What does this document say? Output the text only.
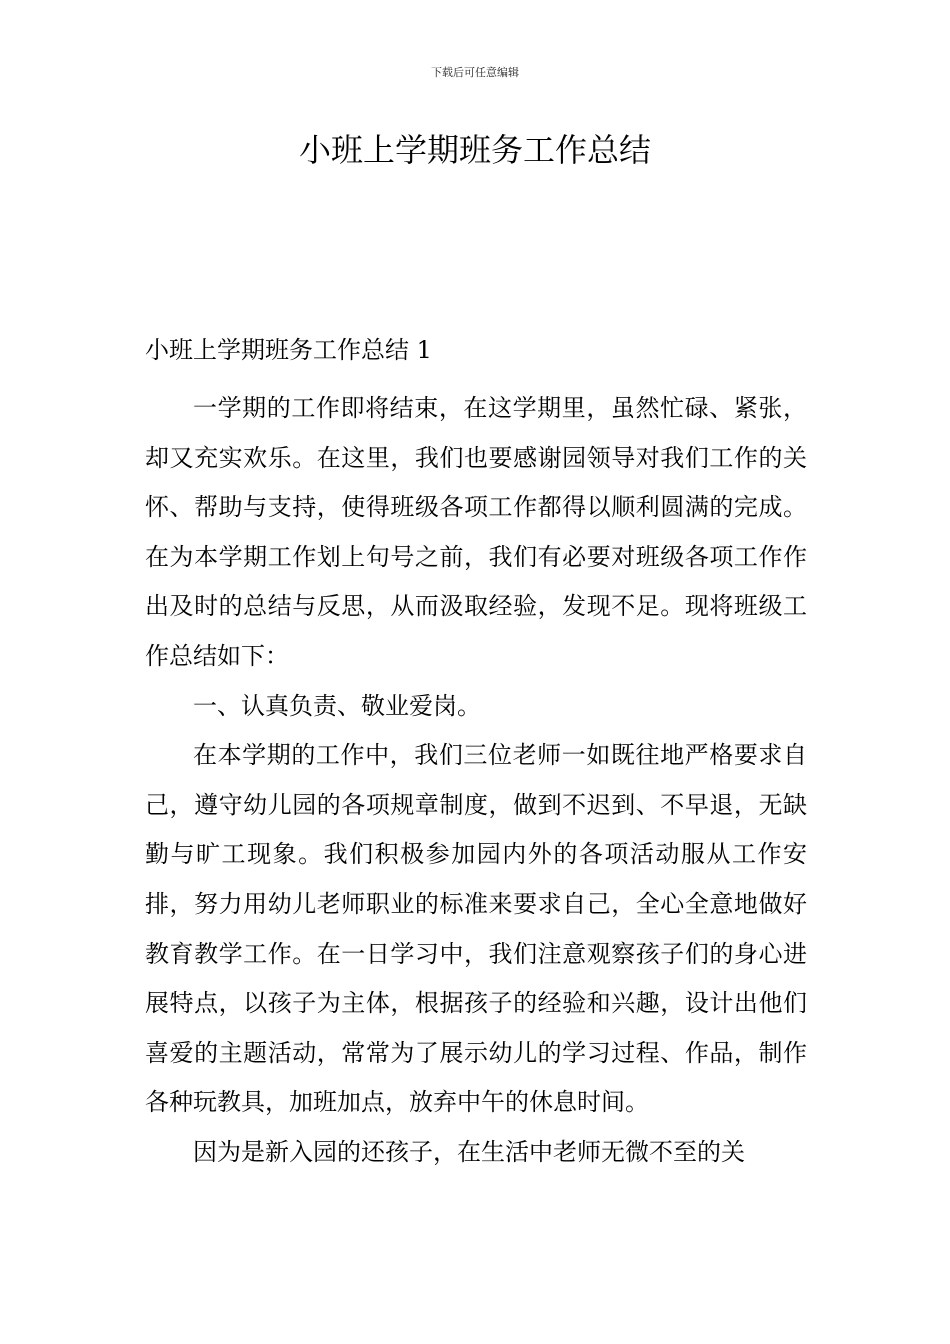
下载后可任意编辑
小班上学期班务工作总结

小班上学期班务工作总结 1

一学期的工作即将结束，在这学期里，虽然忙碌、紧张，却又充实欢乐。在这里，我们也要感谢园领导对我们工作的关怀、帮助与支持，使得班级各项工作都得以顺利圆满的完成。在为本学期工作划上句号之前，我们有必要对班级各项工作作出及时的总结与反思，从而汲取经验，发现不足。现将班级工作总结如下：

一、认真负责、敬业爱岗。

在本学期的工作中，我们三位老师一如既往地严格要求自己，遵守幼儿园的各项规章制度，做到不迟到、不早退，无缺勤与旷工现象。我们积极参加园内外的各项活动服从工作安排，努力用幼儿老师职业的标准来要求自己，全心全意地做好教育教学工作。在一日学习中，我们注意观察孩子们的身心进展特点，以孩子为主体，根据孩子的经验和兴趣，设计出他们喜爱的主题活动，常常为了展示幼儿的学习过程、作品，制作各种玩教具，加班加点，放弃中午的休息时间。

因为是新入园的还孩子，在生活中老师无微不至的关
